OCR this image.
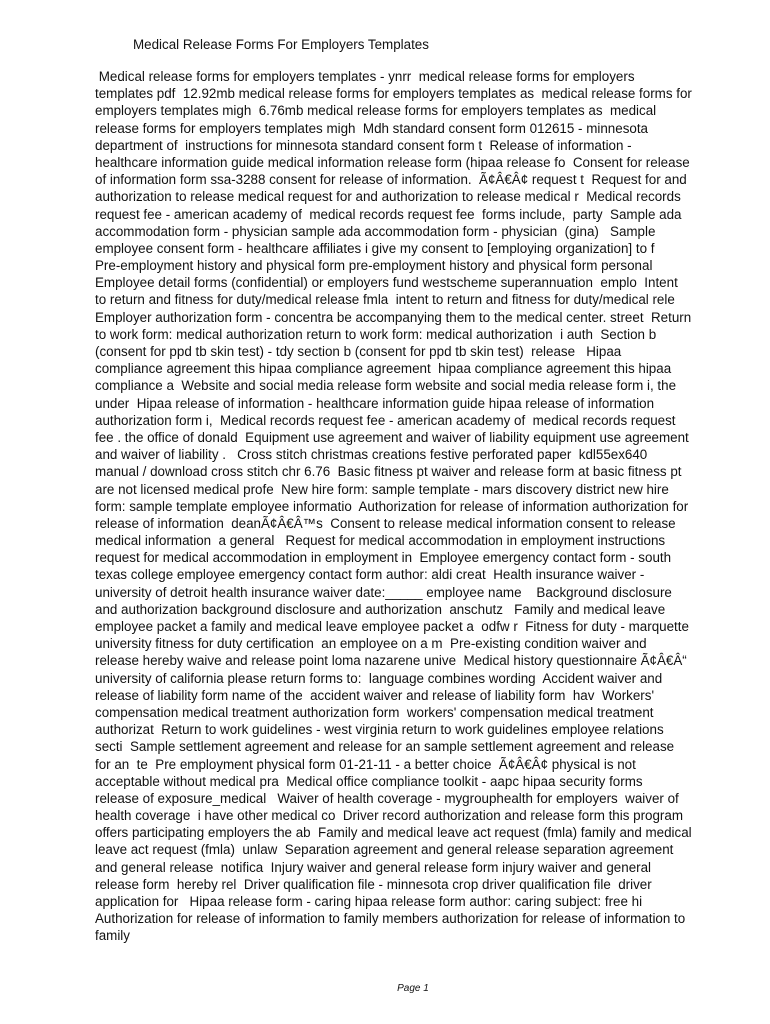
Medical Release Forms For Employers Templates
Medical release forms for employers templates - ynrr  medical release forms for employers
templates pdf  12.92mb medical release forms for employers templates as  medical release forms for
employers templates migh  6.76mb medical release forms for employers templates as  medical
release forms for employers templates migh  Mdh standard consent form 012615 - minnesota
department of  instructions for minnesota standard consent form t  Release of information -
healthcare information guide medical information release form (hipaa release fo  Consent for release
of information form ssa-3288 consent for release of information.  Ã¢Â€Â¢ request t  Request for and
authorization to release medical request for and authorization to release medical r  Medical records
request fee - american academy of  medical records request fee  forms include,  party  Sample ada
accommodation form - physician sample ada accommodation form - physician  (gina)   Sample
employee consent form - healthcare affiliates i give my consent to [employing organization] to f
Pre-employment history and physical form pre-employment history and physical form personal
Employee detail forms (confidential) or employers fund westscheme superannuation  emplo  Intent
to return and fitness for duty/medical release fmla  intent to return and fitness for duty/medical rele
Employer authorization form - concentra be accompanying them to the medical center. street  Return
to work form: medical authorization return to work form: medical authorization  i auth  Section b
(consent for ppd tb skin test) - tdy section b (consent for ppd tb skin test)  release   Hipaa
compliance agreement this hipaa compliance agreement  hipaa compliance agreement this hipaa
compliance a  Website and social media release form website and social media release form i, the
under  Hipaa release of information - healthcare information guide hipaa release of information
authorization form i,  Medical records request fee - american academy of  medical records request
fee . the office of donald  Equipment use agreement and waiver of liability equipment use agreement
and waiver of liability .   Cross stitch christmas creations festive perforated paper  kdl55ex640
manual / download cross stitch chr 6.76  Basic fitness pt waiver and release form at basic fitness pt
are not licensed medical profe  New hire form: sample template - mars discovery district new hire
form: sample template employee informatio  Authorization for release of information authorization for
release of information  deanÃ¢Â€Â™s  Consent to release medical information consent to release
medical information  a general   Request for medical accommodation in employment instructions
request for medical accommodation in employment in  Employee emergency contact form - south
texas college employee emergency contact form author: aldi creat  Health insurance waiver -
university of detroit health insurance waiver date:_____ employee name    Background disclosure
and authorization background disclosure and authorization  anschutz   Family and medical leave
employee packet a family and medical leave employee packet a  odfw r  Fitness for duty - marquette
university fitness for duty certification  an employee on a m  Pre-existing condition waiver and
release hereby waive and release point loma nazarene unive  Medical history questionnaire Ã¢Â€Â“
university of california please return forms to:  language combines wording  Accident waiver and
release of liability form name of the  accident waiver and release of liability form  hav  Workers'
compensation medical treatment authorization form  workers' compensation medical treatment
authorizat  Return to work guidelines - west virginia return to work guidelines employee relations
secti  Sample settlement agreement and release for an sample settlement agreement and release
for an  te  Pre employment physical form 01-21-11 - a better choice  Ã¢Â€Â¢ physical is not
acceptable without medical pra  Medical office compliance toolkit - aapc hipaa security forms
release of exposure_medical   Waiver of health coverage - mygrouphealth for employers  waiver of
health coverage  i have other medical co  Driver record authorization and release form this program
offers participating employers the ab  Family and medical leave act request (fmla) family and medical
leave act request (fmla)  unlaw  Separation agreement and general release separation agreement
and general release  notifica  Injury waiver and general release form injury waiver and general
release form  hereby rel  Driver qualification file - minnesota crop driver qualification file  driver
application for   Hipaa release form - caring hipaa release form author: caring subject: free hi
Authorization for release of information to family members authorization for release of information to
family
Page 1
